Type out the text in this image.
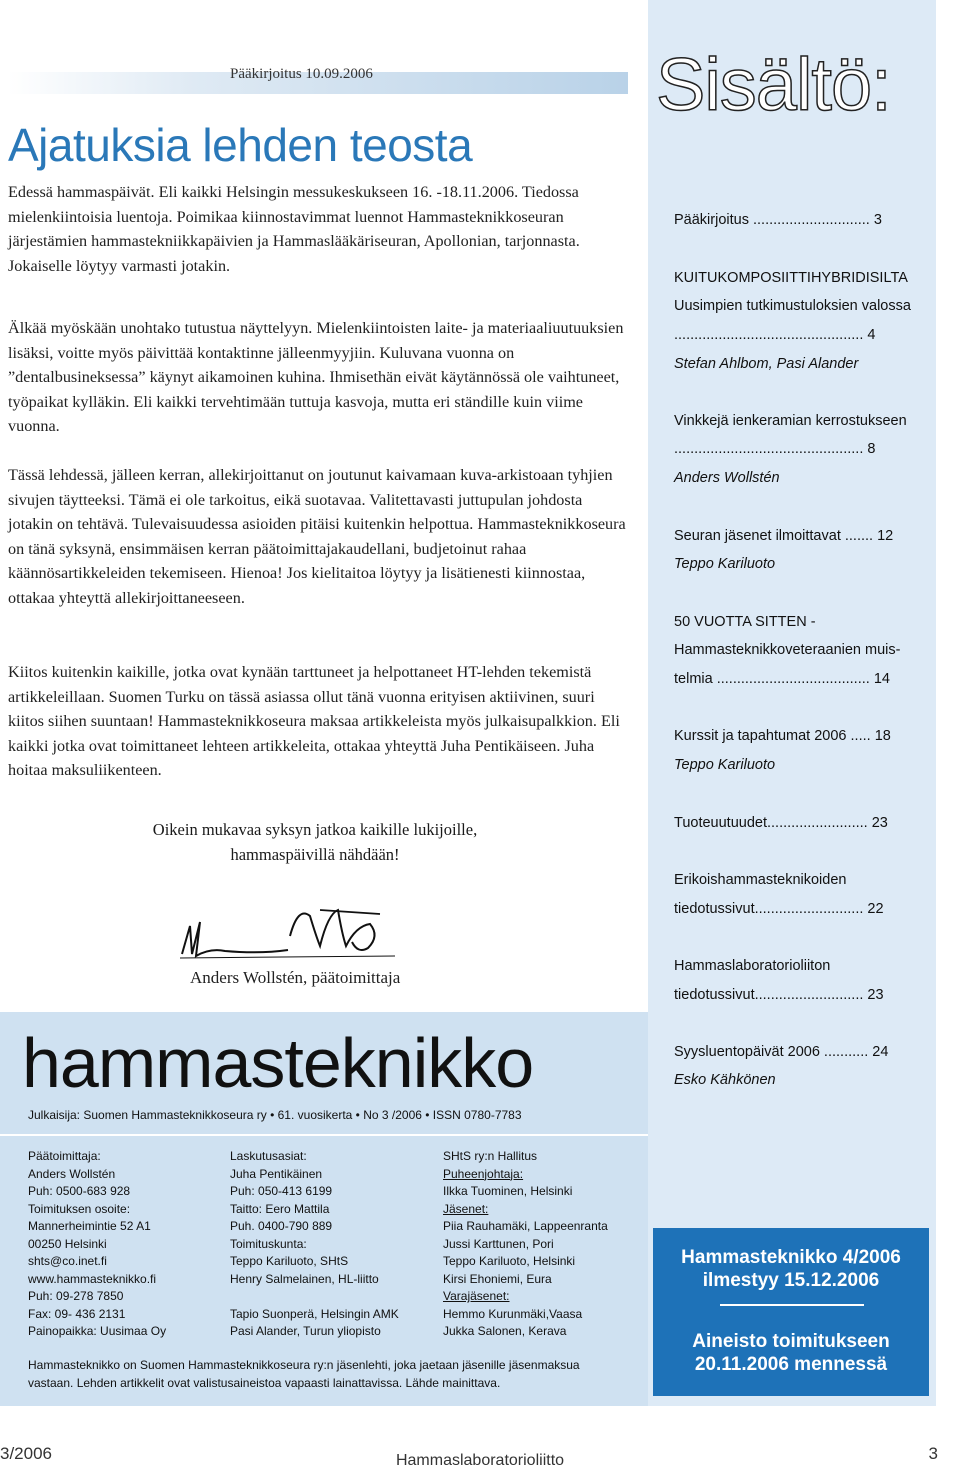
Pääkirjoitus 10.09.2006
Ajatuksia lehden teosta

Edessä hammaspäivät. Eli kaikki Helsingin messukeskukseen 16. -18.11.2006. Tiedossa mielenkiintoisia luentoja. Poimikaa kiinnostavimmat luennot Hammasteknikkoseuran järjestämien hammastekniikkapäivien ja Hammaslääkäriseuran, Apollonian, tarjonnasta. Jokaiselle löytyy varmasti jotakin.

Älkää myöskään unohtako tutustua näyttelyyn. Mielenkiintoisten laite- ja materiaaliuutuuksien lisäksi, voitte myös päivittää kontaktinne jälleenmyyjiin. Kuluvana vuonna on ”dentalbusineksessa” käynyt aikamoinen kuhina. Ihmisethän eivät käytännössä ole vaihtuneet, työpaikat kylläkin. Eli kaikki tervehtimään tuttuja kasvoja, mutta eri ständille kuin viime vuonna.

Tässä lehdessä, jälleen kerran, allekirjoittanut on joutunut kaivamaan kuva-arkistoaan tyhjien sivujen täytteeksi. Tämä ei ole tarkoitus, eikä suotavaa. Valitettavasti juttupulan johdosta jotakin on tehtävä. Tulevaisuudessa asioiden pitäisi kuitenkin helpottua. Hammasteknikkoseura on tänä syksynä, ensimmäisen kerran päätoimittajakaudellani, budjetoinut rahaa käännösartikkeleiden tekemiseen. Hienoa! Jos kielitaitoa löytyy ja lisätienesti kiinnostaa, ottakaa yhteyttä allekirjoittaneeseen.

Kiitos kuitenkin kaikille, jotka ovat kynään tarttuneet ja helpottaneet HT-lehden tekemistä artikkeleillaan. Suomen Turku on tässä asiassa ollut tänä vuonna erityisen aktiivinen, suuri kiitos siihen suuntaan! Hammasteknikkoseura maksaa artikkeleista myös julkaisupalkkion. Eli kaikki jotka ovat toimittaneet lehteen artikkeleita, ottakaa yhteyttä Juha Pentikäiseen. Juha hoitaa maksuliikenteen.

Oikein mukavaa syksyn jatkoa kaikille lukijoille,

hammaspäivillä nähdään!

Anders Wollstén, päätoimittaja
hammasteknikko
Julkaisija: Suomen Hammasteknikkoseura ry • 61. vuosikerta • No 3 /2006 • ISSN 0780-7783
Päätoimittaja:
Anders Wollstén
Puh: 0500-683 928
Toimituksen osoite:
Mannerheimintie 52 A1
00250 Helsinki
shts@co.inet.fi
www.hammasteknikko.fi
Puh: 09-278 7850
Fax: 09- 436 2131
Painopaikka: Uusimaa Oy
Laskutusasiat:
Juha Pentikäinen
Puh: 050-413 6199
Taitto: Eero Mattila
Puh. 0400-790 889
Toimituskunta:
Teppo Kariluoto, SHtS
Henry Salmelainen, HL-liitto

Tapio Suonperä, Helsingin AMK
Pasi Alander, Turun yliopisto
SHtS ry:n Hallitus
Puheenjohtaja:
Ilkka Tuominen, Helsinki
Jäsenet:
Piia Rauhamäki, Lappeenranta
Jussi Karttunen, Pori
Teppo Kariluoto, Helsinki
Kirsi Ehoniemi, Eura
Varajäsenet:
Hemmo Kurunmäki,Vaasa
Jukka Salonen, Kerava
Hammasteknikko on Suomen Hammasteknikkoseura ry:n jäsenlehti, joka jaetaan jäsenille jäsenmaksua vastaan. Lehden artikkelit ovat valistusaineistoa vapaasti lainattavissa. Lähde mainittava.
Sisältö:
Pääkirjoitus ............................. 3
KUITUKOMPOSIITTIHYBRIDISILTA
Uusimpien tutkimustuloksien valossa
............................................... 4
Stefan Ahlbom, Pasi Alander
Vinkkejä ienkeramian kerrostukseen
............................................... 8
Anders Wollstén
Seuran jäsenet ilmoittavat ....... 12
Teppo Kariluoto
50 VUOTTA SITTEN -
Hammasteknikkoveteraanien muis-
telmia ...................................... 14
Kurssit ja tapahtumat 2006 ..... 18
Teppo Kariluoto
Tuoteuutuudet......................... 23
Erikoishammasteknikoiden
tiedotussivut........................... 22
Hammaslaboratorioliiton
tiedotussivut........................... 23
Syysluentopäivät 2006 ........... 24
Esko Kähkönen
Hammasteknikko 4/2006
ilmestyy 15.12.2006
Aineisto toimitukseen
20.11.2006 mennessä
3/2006	Hammaslaboratorioliitto	3
